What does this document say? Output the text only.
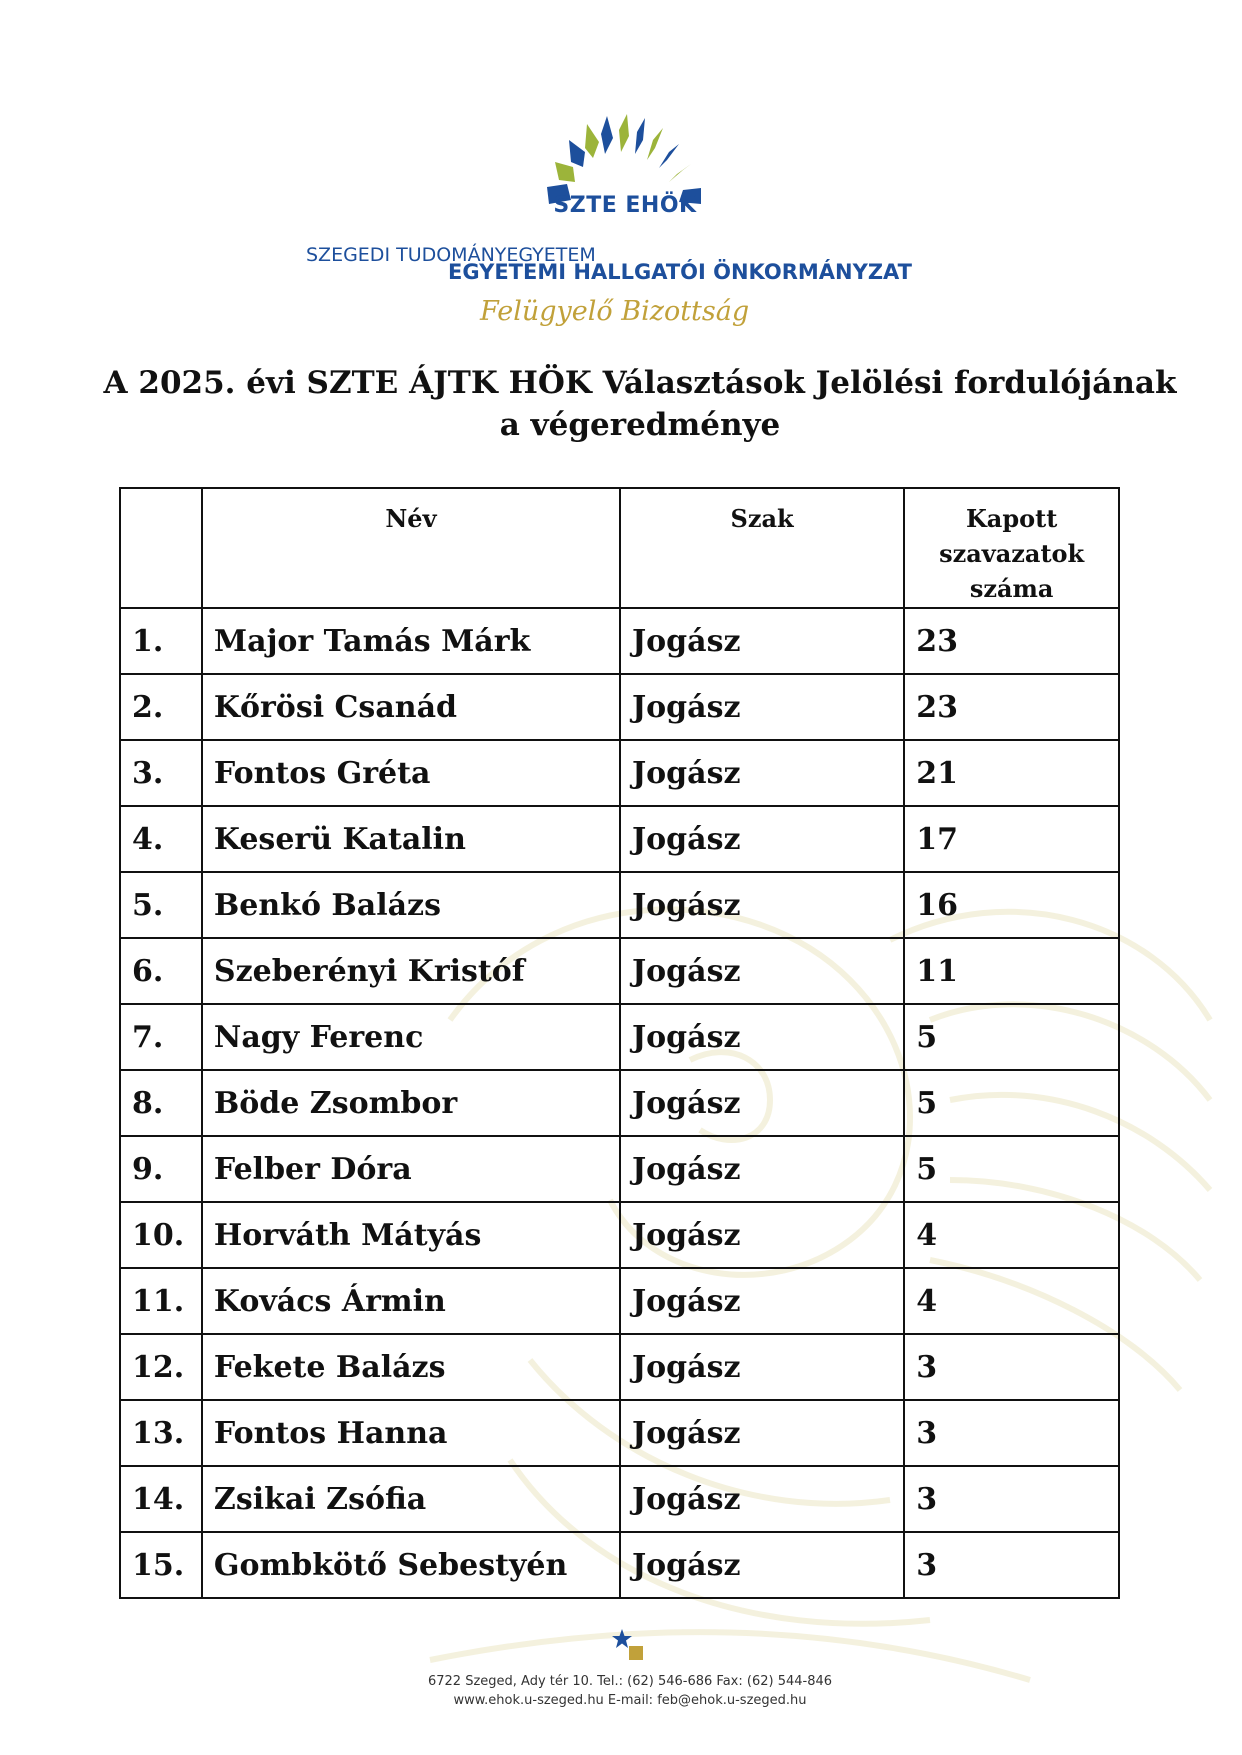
SZTE EHÖK
SZEGEDI TUDOMÁNYEGYETEM
EGYETEMI HALLGATÓI ÖNKORMÁNYZAT
Felügyelő Bizottság
A 2025. évi SZTE ÁJTK HÖK Választások Jelölési fordulójának
a végeredménye
	Név	Szak	Kapott
szavazatok
száma

1.	Major Tamás Márk	Jogász	23
2.	Kőrösi Csanád	Jogász	23
3.	Fontos Gréta	Jogász	21
4.	Keserü Katalin	Jogász	17
5.	Benkó Balázs	Jogász	16
6.	Szeberényi Kristóf	Jogász	11
7.	Nagy Ferenc	Jogász	5
8.	Böde Zsombor	Jogász	5
9.	Felber Dóra	Jogász	5
10.	Horváth Mátyás	Jogász	4
11.	Kovács Ármin	Jogász	4
12.	Fekete Balázs	Jogász	3
13.	Fontos Hanna	Jogász	3
14.	Zsikai Zsófia	Jogász	3
15.	Gombkötő Sebestyén	Jogász	3
6722 Szeged, Ady tér 10. Tel.: (62) 546-686 Fax: (62) 544-846
www.ehok.u-szeged.hu E-mail: feb@ehok.u-szeged.hu
